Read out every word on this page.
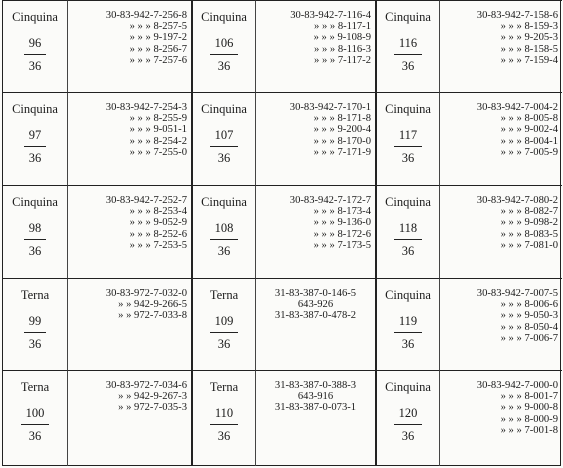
Cinquina
96
36
30-83-942-7-256-8
» » » 8-257-5
» » » 9-197-2
» » » 8-256-7
» » » 7-257-6
Cinquina
106
36
30-83-942-7-116-4
» » » 8-117-1
» » » 9-108-9
» » » 8-116-3
» » » 7-117-2
Cinquina
116
36
30-83-942-7-158-6
» » » 8-159-3
» » » 9-205-3
» » » 8-158-5
» » » 7-159-4
Cinquina
97
36
30-83-942-7-254-3
» » » 8-255-9
» » » 9-051-1
» » » 8-254-2
» » » 7-255-0
Cinquina
107
36
30-83-942-7-170-1
» » » 8-171-8
» » » 9-200-4
» » » 8-170-0
» » » 7-171-9
Cinquina
117
36
30-83-942-7-004-2
» » » 8-005-8
» » » 9-002-4
» » » 8-004-1
» » » 7-005-9
Cinquina
98
36
30-83-942-7-252-7
» » » 8-253-4
» » » 9-052-9
» » » 8-252-6
» » » 7-253-5
Cinquina
108
36
30-83-942-7-172-7
» » » 8-173-4
» » » 9-136-0
» » » 8-172-6
» » » 7-173-5
Cinquina
118
36
30-83-942-7-080-2
» » » 8-082-7
» » » 9-098-2
» » » 8-083-5
» » » 7-081-0
Terna
99
36
30-83-972-7-032-0
» » 942-9-266-5
» » 972-7-033-8
Terna
109
36
31-83-387-0-146-5
643-926
31-83-387-0-478-2
Cinquina
119
36
30-83-942-7-007-5
» » » 8-006-6
» » » 9-050-3
» » » 8-050-4
» » » 7-006-7
Terna
100
36
30-83-972-7-034-6
» » 942-9-267-3
» » 972-7-035-3
Terna
110
36
31-83-387-0-388-3
643-916
31-83-387-0-073-1
Cinquina
120
36
30-83-942-7-000-0
» » » 8-001-7
» » » 9-000-8
» » » 8-000-9
» » » 7-001-8
